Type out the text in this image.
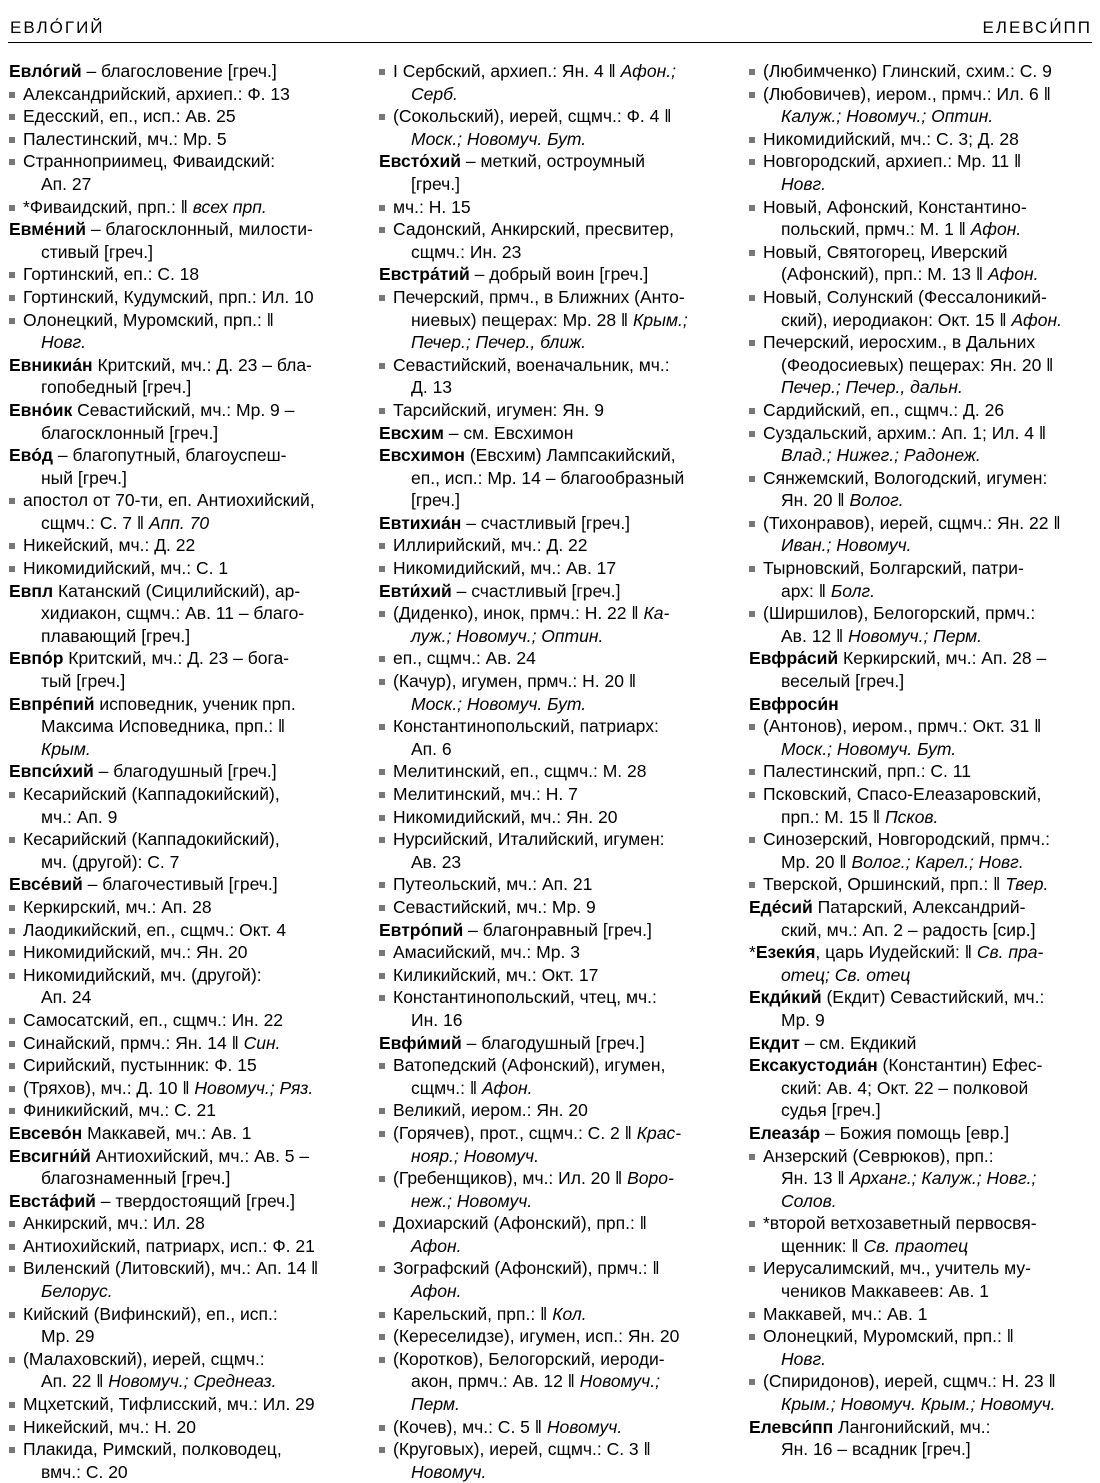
ЕВЛО́ГИЙ	ЕЛЕВСИ́ПП
Евло́гий – благословение [греч.]
Александрийский, архиеп.: Ф. 13
Едесский, еп., исп.: Ав. 25
Палестинский, мч.: Мр. 5
Странноприимец, Фиваидский:
Ап. 27
*Фиваидский, прп.: ‖ всех прп.
Евме́ний – благосклонный, милости-
стивый [греч.]
Гортинский, еп.: С. 18
Гортинский, Кудумский, прп.: Ил. 10
Олонецкий, Муромский, прп.: ‖
Новг.
Евникиа́н Критский, мч.: Д. 23 – бла-
гопобедный [греч.]
Евно́ик Севастийский, мч.: Мр. 9 –
благосклонный [греч.]
Ево́д – благопутный, благоуспеш-
ный [греч.]
апостол от 70-ти, еп. Антиохийский,
сщмч.: С. 7 ‖ Апп. 70
Никейский, мч.: Д. 22
Никомидийский, мч.: С. 1
Евпл Катанский (Сицилийский), ар-
хидиакон, сщмч.: Ав. 11 – благо-
плавающий [греч.]
Евпо́р Критский, мч.: Д. 23 – бога-
тый [греч.]
Евпре́пий исповедник, ученик прп.
Максима Исповедника, прп.: ‖
Крым.
Евпси́хий – благодушный [греч.]
Кесарийский (Каппадокийский),
мч.: Ап. 9
Кесарийский (Каппадокийский),
мч. (другой): С. 7
Евсе́вий – благочестивый [греч.]
Керкирский, мч.: Ап. 28
Лаодикийский, еп., сщмч.: Окт. 4
Никомидийский, мч.: Ян. 20
Никомидийский, мч. (другой):
Ап. 24
Самосатский, еп., сщмч.: Ин. 22
Синайский, прмч.: Ян. 14 ‖ Син.
Сирийский, пустынник: Ф. 15
(Тряхов), мч.: Д. 10 ‖ Новомуч.; Ряз.
Финикийский, мч.: С. 21
Евсево́н Маккавей, мч.: Ав. 1
Евсигни́й Антиохийский, мч.: Ав. 5 –
благознаменный [греч.]
Евста́фий – твердостоящий [греч.]
Анкирский, мч.: Ил. 28
Антиохийский, патриарх, исп.: Ф. 21
Виленский (Литовский), мч.: Ап. 14 ‖
Белорус.
Кийский (Вифинский), еп., исп.:
Мр. 29
(Малаховский), иерей, сщмч.:
Ап. 22 ‖ Новомуч.; Среднеаз.
Мцхетский, Тифлисский, мч.: Ил. 29
Никейский, мч.: Н. 20
Плакида, Римский, полководец,
вмч.: С. 20
I Сербский, архиеп.: Ян. 4 ‖ Афон.;
Серб.
(Сокольский), иерей, сщмч.: Ф. 4 ‖
Моск.; Новомуч. Бут.
Евсто́хий – меткий, остроумный
[греч.]
мч.: Н. 15
Садонский, Анкирский, пресвитер,
сщмч.: Ин. 23
Евстра́тий – добрый воин [греч.]
Печерский, прмч., в Ближних (Анто-
ниевых) пещерах: Мр. 28 ‖ Крым.;
Печер.; Печер., ближ.
Севастийский, военачальник, мч.:
Д. 13
Тарсийский, игумен: Ян. 9
Евсхим – см. Евсхимон
Евсхимон (Евсхим) Лампсакийский,
еп., исп.: Мр. 14 – благообразный
[греч.]
Евтихиа́н – счастливый [греч.]
Иллирийский, мч.: Д. 22
Никомидийский, мч.: Ав. 17
Евти́хий – счастливый [греч.]
(Диденко), инок, прмч.: Н. 22 ‖ Ка-
луж.; Новомуч.; Оптин.
еп., сщмч.: Ав. 24
(Качур), игумен, прмч.: Н. 20 ‖
Моск.; Новомуч. Бут.
Константинопольский, патриарх:
Ап. 6
Мелитинский, еп., сщмч.: М. 28
Мелитинский, мч.: Н. 7
Никомидийский, мч.: Ян. 20
Нурсийский, Италийский, игумен:
Ав. 23
Путеольский, мч.: Ап. 21
Севастийский, мч.: Мр. 9
Евтро́пий – благонравный [греч.]
Амасийский, мч.: Мр. 3
Киликийский, мч.: Окт. 17
Константинопольский, чтец, мч.:
Ин. 16
Евфи́мий – благодушный [греч.]
Ватопедский (Афонский), игумен,
сщмч.: ‖ Афон.
Великий, иером.: Ян. 20
(Горячев), прот., сщмч.: С. 2 ‖ Крас-
нояр.; Новомуч.
(Гребенщиков), мч.: Ил. 20 ‖ Воро-
неж.; Новомуч.
Дохиарский (Афонский), прп.: ‖
Афон.
Зографский (Афонский), прмч.: ‖
Афон.
Карельский, прп.: ‖ Кол.
(Кереселидзе), игумен, исп.: Ян. 20
(Коротков), Белогорский, иероди-
акон, прмч.: Ав. 12 ‖ Новомуч.;
Перм.
(Кочев), мч.: С. 5 ‖ Новомуч.
(Круговых), иерей, сщмч.: С. 3 ‖
Новомуч.
(Любимченко) Глинский, схим.: С. 9
(Любовичев), иером., прмч.: Ил. 6 ‖
Калуж.; Новомуч.; Оптин.
Никомидийский, мч.: С. 3; Д. 28
Новгородский, архиеп.: Мр. 11 ‖
Новг.
Новый, Афонский, Константино-
польский, прмч.: М. 1 ‖ Афон.
Новый, Святогорец, Иверский
(Афонский), прп.: М. 13 ‖ Афон.
Новый, Солунский (Фессалоникий-
ский), иеродиакон: Окт. 15 ‖ Афон.
Печерский, иеросхим., в Дальних
(Феодосиевых) пещерах: Ян. 20 ‖
Печер.; Печер., дальн.
Сардийский, еп., сщмч.: Д. 26
Суздальский, архим.: Ап. 1; Ил. 4 ‖
Влад.; Нижег.; Радонеж.
Сянжемский, Вологодский, игумен:
Ян. 20 ‖ Волог.
(Тихонравов), иерей, сщмч.: Ян. 22 ‖
Иван.; Новомуч.
Тырновский, Болгарский, патри-
арх: ‖ Болг.
(Ширшилов), Белогорский, прмч.:
Ав. 12 ‖ Новомуч.; Перм.
Евфра́сий Керкирский, мч.: Ап. 28 –
веселый [греч.]
Евфроси́н
(Антонов), иером., прмч.: Окт. 31 ‖
Моск.; Новомуч. Бут.
Палестинский, прп.: С. 11
Псковский, Спасо-Елеазаровский,
прп.: М. 15 ‖ Псков.
Синозерский, Новгородский, прмч.:
Мр. 20 ‖ Волог.; Карел.; Новг.
Тверской, Оршинский, прп.: ‖ Твер.
Еде́сий Патарский, Александрий-
ский, мч.: Ап. 2 – радость [сир.]
*Езеки́я, царь Иудейский: ‖ Св. пра-
отец; Св. отец
Екди́кий (Екдит) Севастийский, мч.:
Мр. 9
Екдит – см. Екдикий
Ексакустодиа́н (Константин) Ефес-
ский: Ав. 4; Окт. 22 – полковой
судья [греч.]
Елеаза́р – Божия помощь [евр.]
Анзерский (Севрюков), прп.:
Ян. 13 ‖ Арханг.; Калуж.; Новг.;
Солов.
*второй ветхозаветный первосвя-
щенник: ‖ Св. праотец
Иерусалимский, мч., учитель му-
чеников Маккавеев: Ав. 1
Маккавей, мч.: Ав. 1
Олонецкий, Муромский, прп.: ‖
Новг.
(Спиридонов), иерей, сщмч.: Н. 23 ‖
Крым.; Новомуч. Крым.; Новомуч.
Елевси́пп Лангонийский, мч.:
Ян. 16 – всадник [греч.]
